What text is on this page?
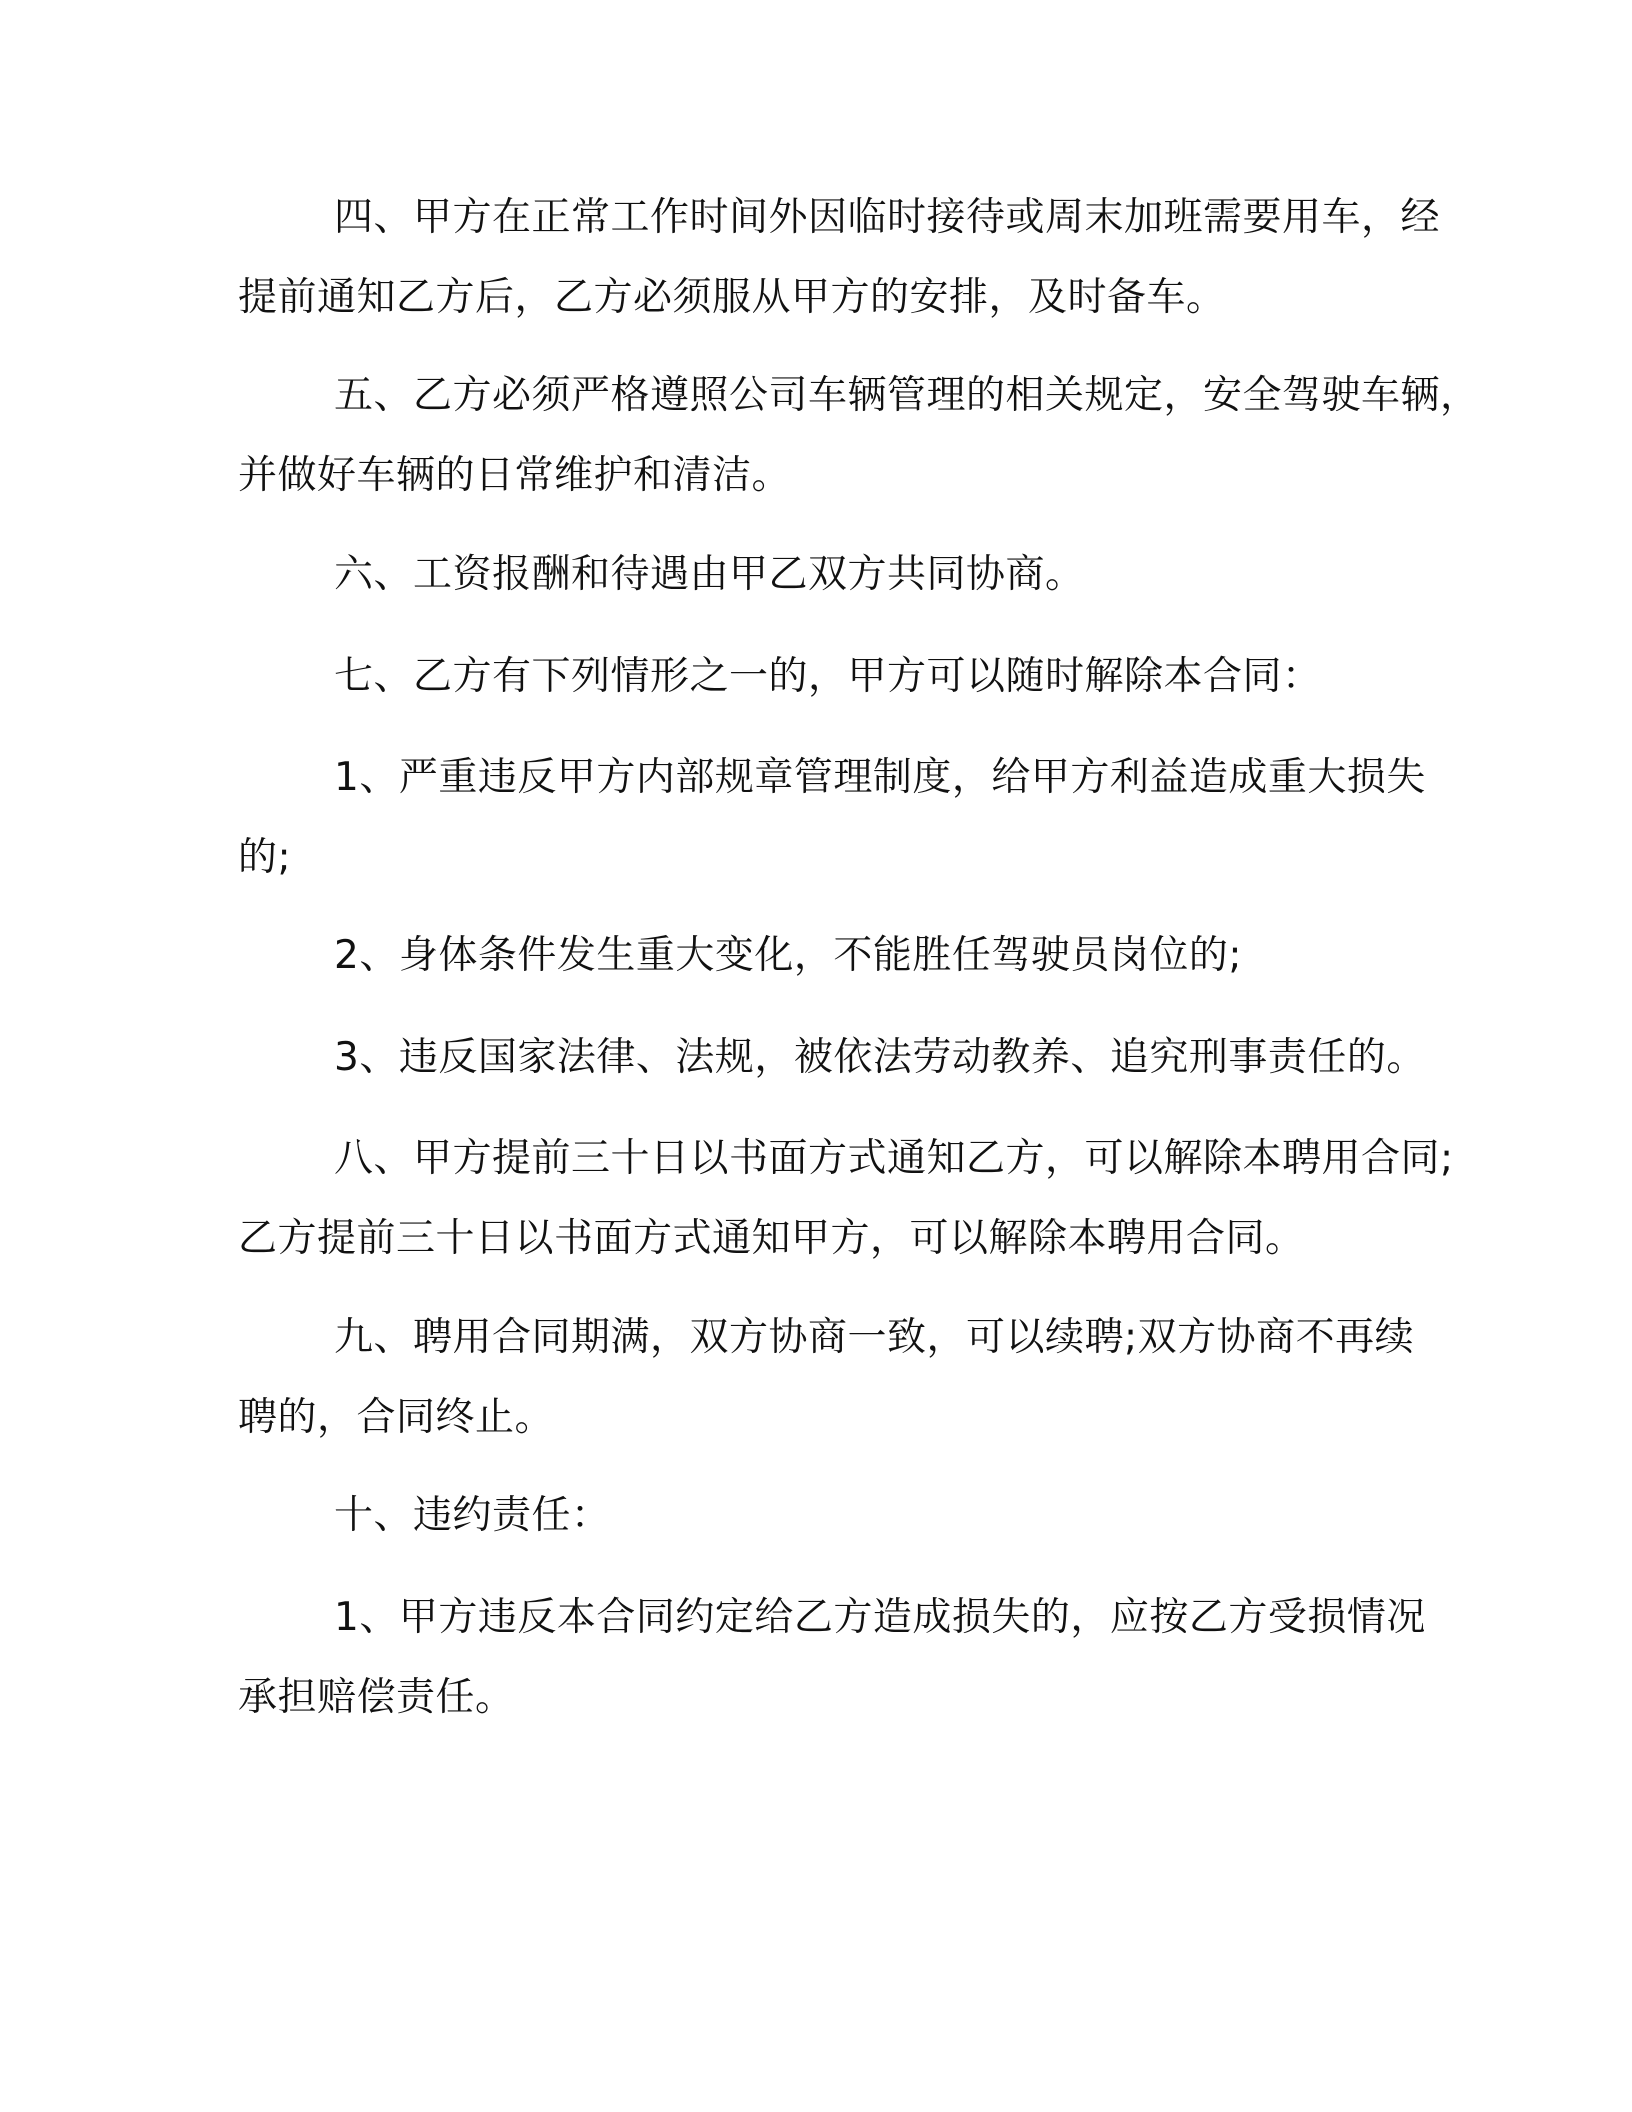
四、甲方在正常工作时间外因临时接待或周末加班需要用车，经
提前通知乙方后，乙方必须服从甲方的安排，及时备车。
五、乙方必须严格遵照公司车辆管理的相关规定，安全驾驶车辆，
并做好车辆的日常维护和清洁。
六、工资报酬和待遇由甲乙双方共同协商。
七、乙方有下列情形之一的，甲方可以随时解除本合同：
1、严重违反甲方内部规章管理制度，给甲方利益造成重大损失
的;
2、身体条件发生重大变化，不能胜任驾驶员岗位的;
3、违反国家法律、法规，被依法劳动教养、追究刑事责任的。
八、甲方提前三十日以书面方式通知乙方，可以解除本聘用合同;
乙方提前三十日以书面方式通知甲方，可以解除本聘用合同。
九、聘用合同期满，双方协商一致，可以续聘;双方协商不再续
聘的，合同终止。
十、违约责任：
1、甲方违反本合同约定给乙方造成损失的，应按乙方受损情况
承担赔偿责任。
